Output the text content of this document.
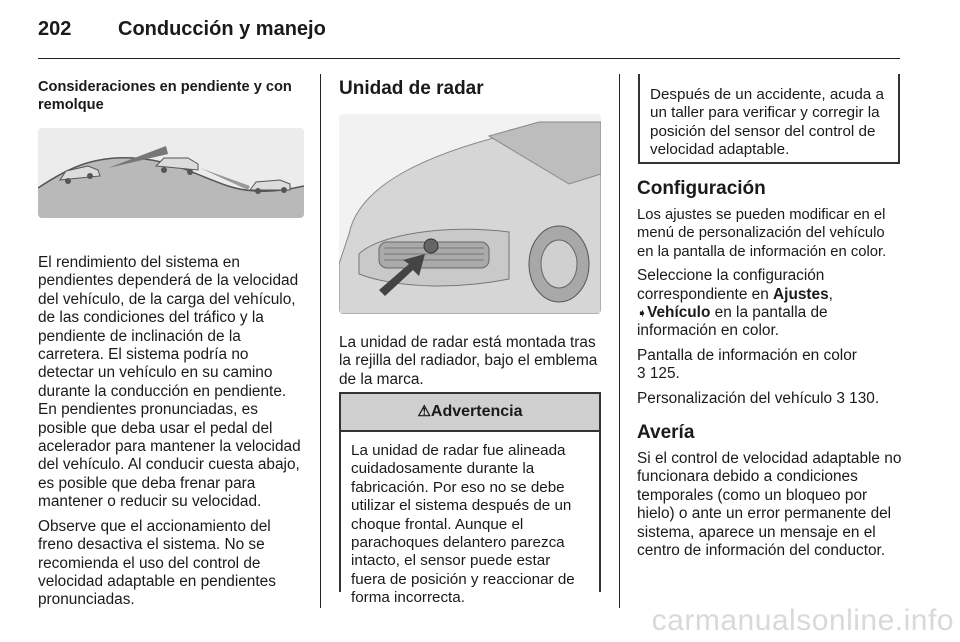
202 Conducción y manejo

Consideraciones en pendiente y con remolque

El rendimiento del sistema en pendientes dependerá de la velocidad del vehículo, de la carga del vehículo, de las condiciones del tráfico y la pendiente de inclinación de la carretera. El sistema podría no detectar un vehículo en su camino durante la conducción en pendiente. En pendientes pronunciadas, es posible que deba usar el pedal del acelerador para mantener la velocidad del vehículo. Al conducir cuesta abajo, es posible que deba frenar para mantener o reducir su velocidad.

Observe que el accionamiento del freno desactiva el sistema. No se recomienda el uso del control de velocidad adaptable en pendientes pronunciadas.

Unidad de radar

La unidad de radar está montada tras la rejilla del radiador, bajo el emblema de la marca.

⚠Advertencia
La unidad de radar fue alineada cuidadosamente durante la fabricación. Por eso no se debe utilizar el sistema después de un choque frontal. Aunque el parachoques delantero parezca intacto, el sensor puede estar fuera de posición y reaccionar de forma incorrecta.
Después de un accidente, acuda a un taller para verificar y corregir la posición del sensor del control de velocidad adaptable.

Configuración

Los ajustes se pueden modificar en el menú de personalización del vehículo en la pantalla de información en color.

Seleccione la configuración correspondiente en Ajustes, ➧Vehículo en la pantalla de información en color.

Pantalla de información en color
3 125.

Personalización del vehículo 3 130.

Avería

Si el control de velocidad adaptable no funcionara debido a condiciones temporales (como un bloqueo por hielo) o ante un error permanente del sistema, aparece un mensaje en el centro de información del conductor.

carmanualsonline.info
